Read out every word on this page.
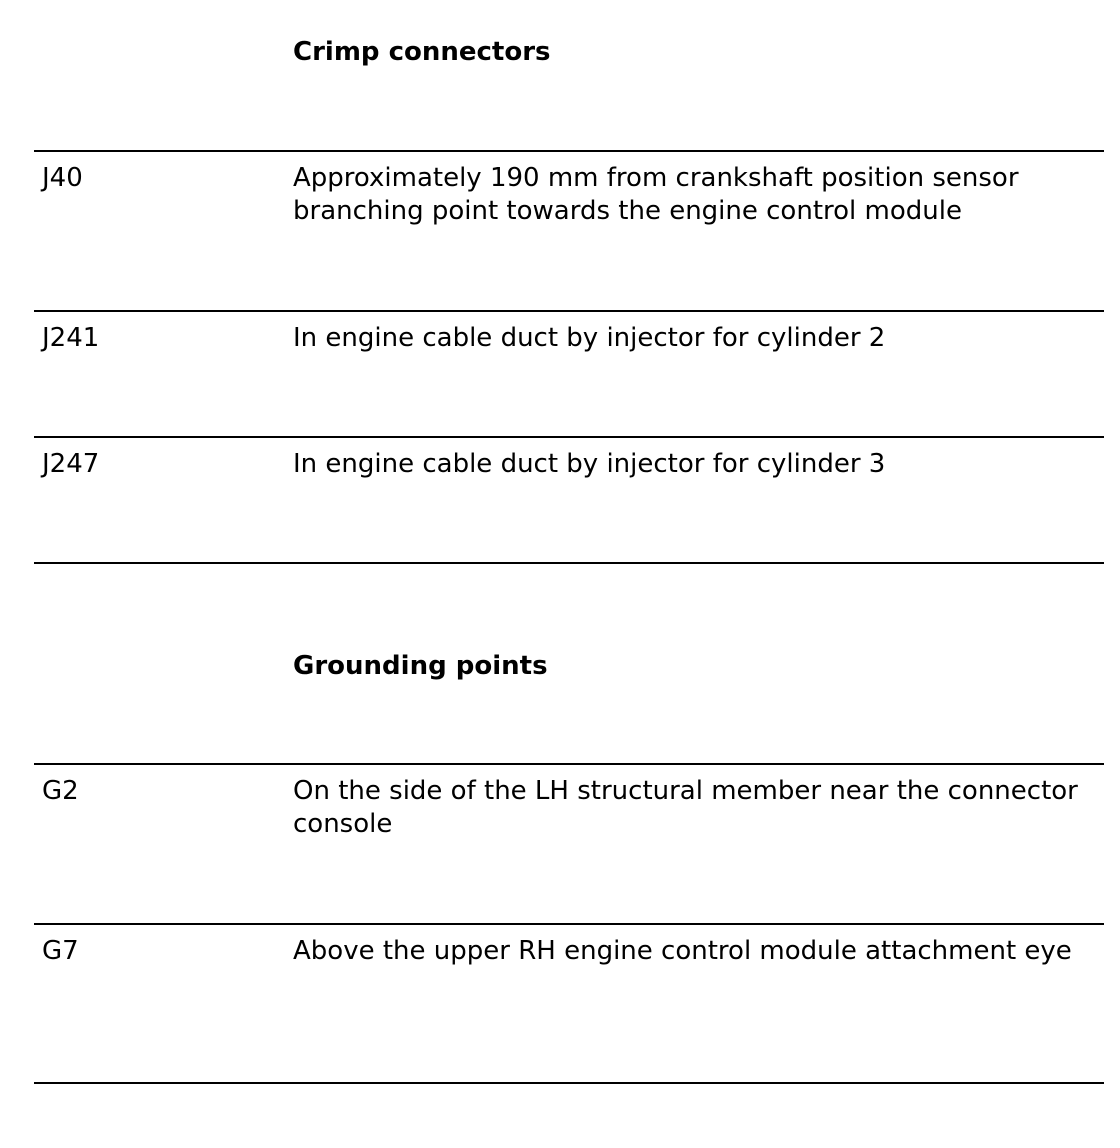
Crimp connectors
J40	Approximately 190 mm from crankshaft position sensor branching point towards the engine control module
J241	In engine cable duct by injector for cylinder 2
J247	In engine cable duct by injector for cylinder 3
Grounding points
G2	On the side of the LH structural member near the connector console
G7	Above the upper RH engine control module attachment eye
